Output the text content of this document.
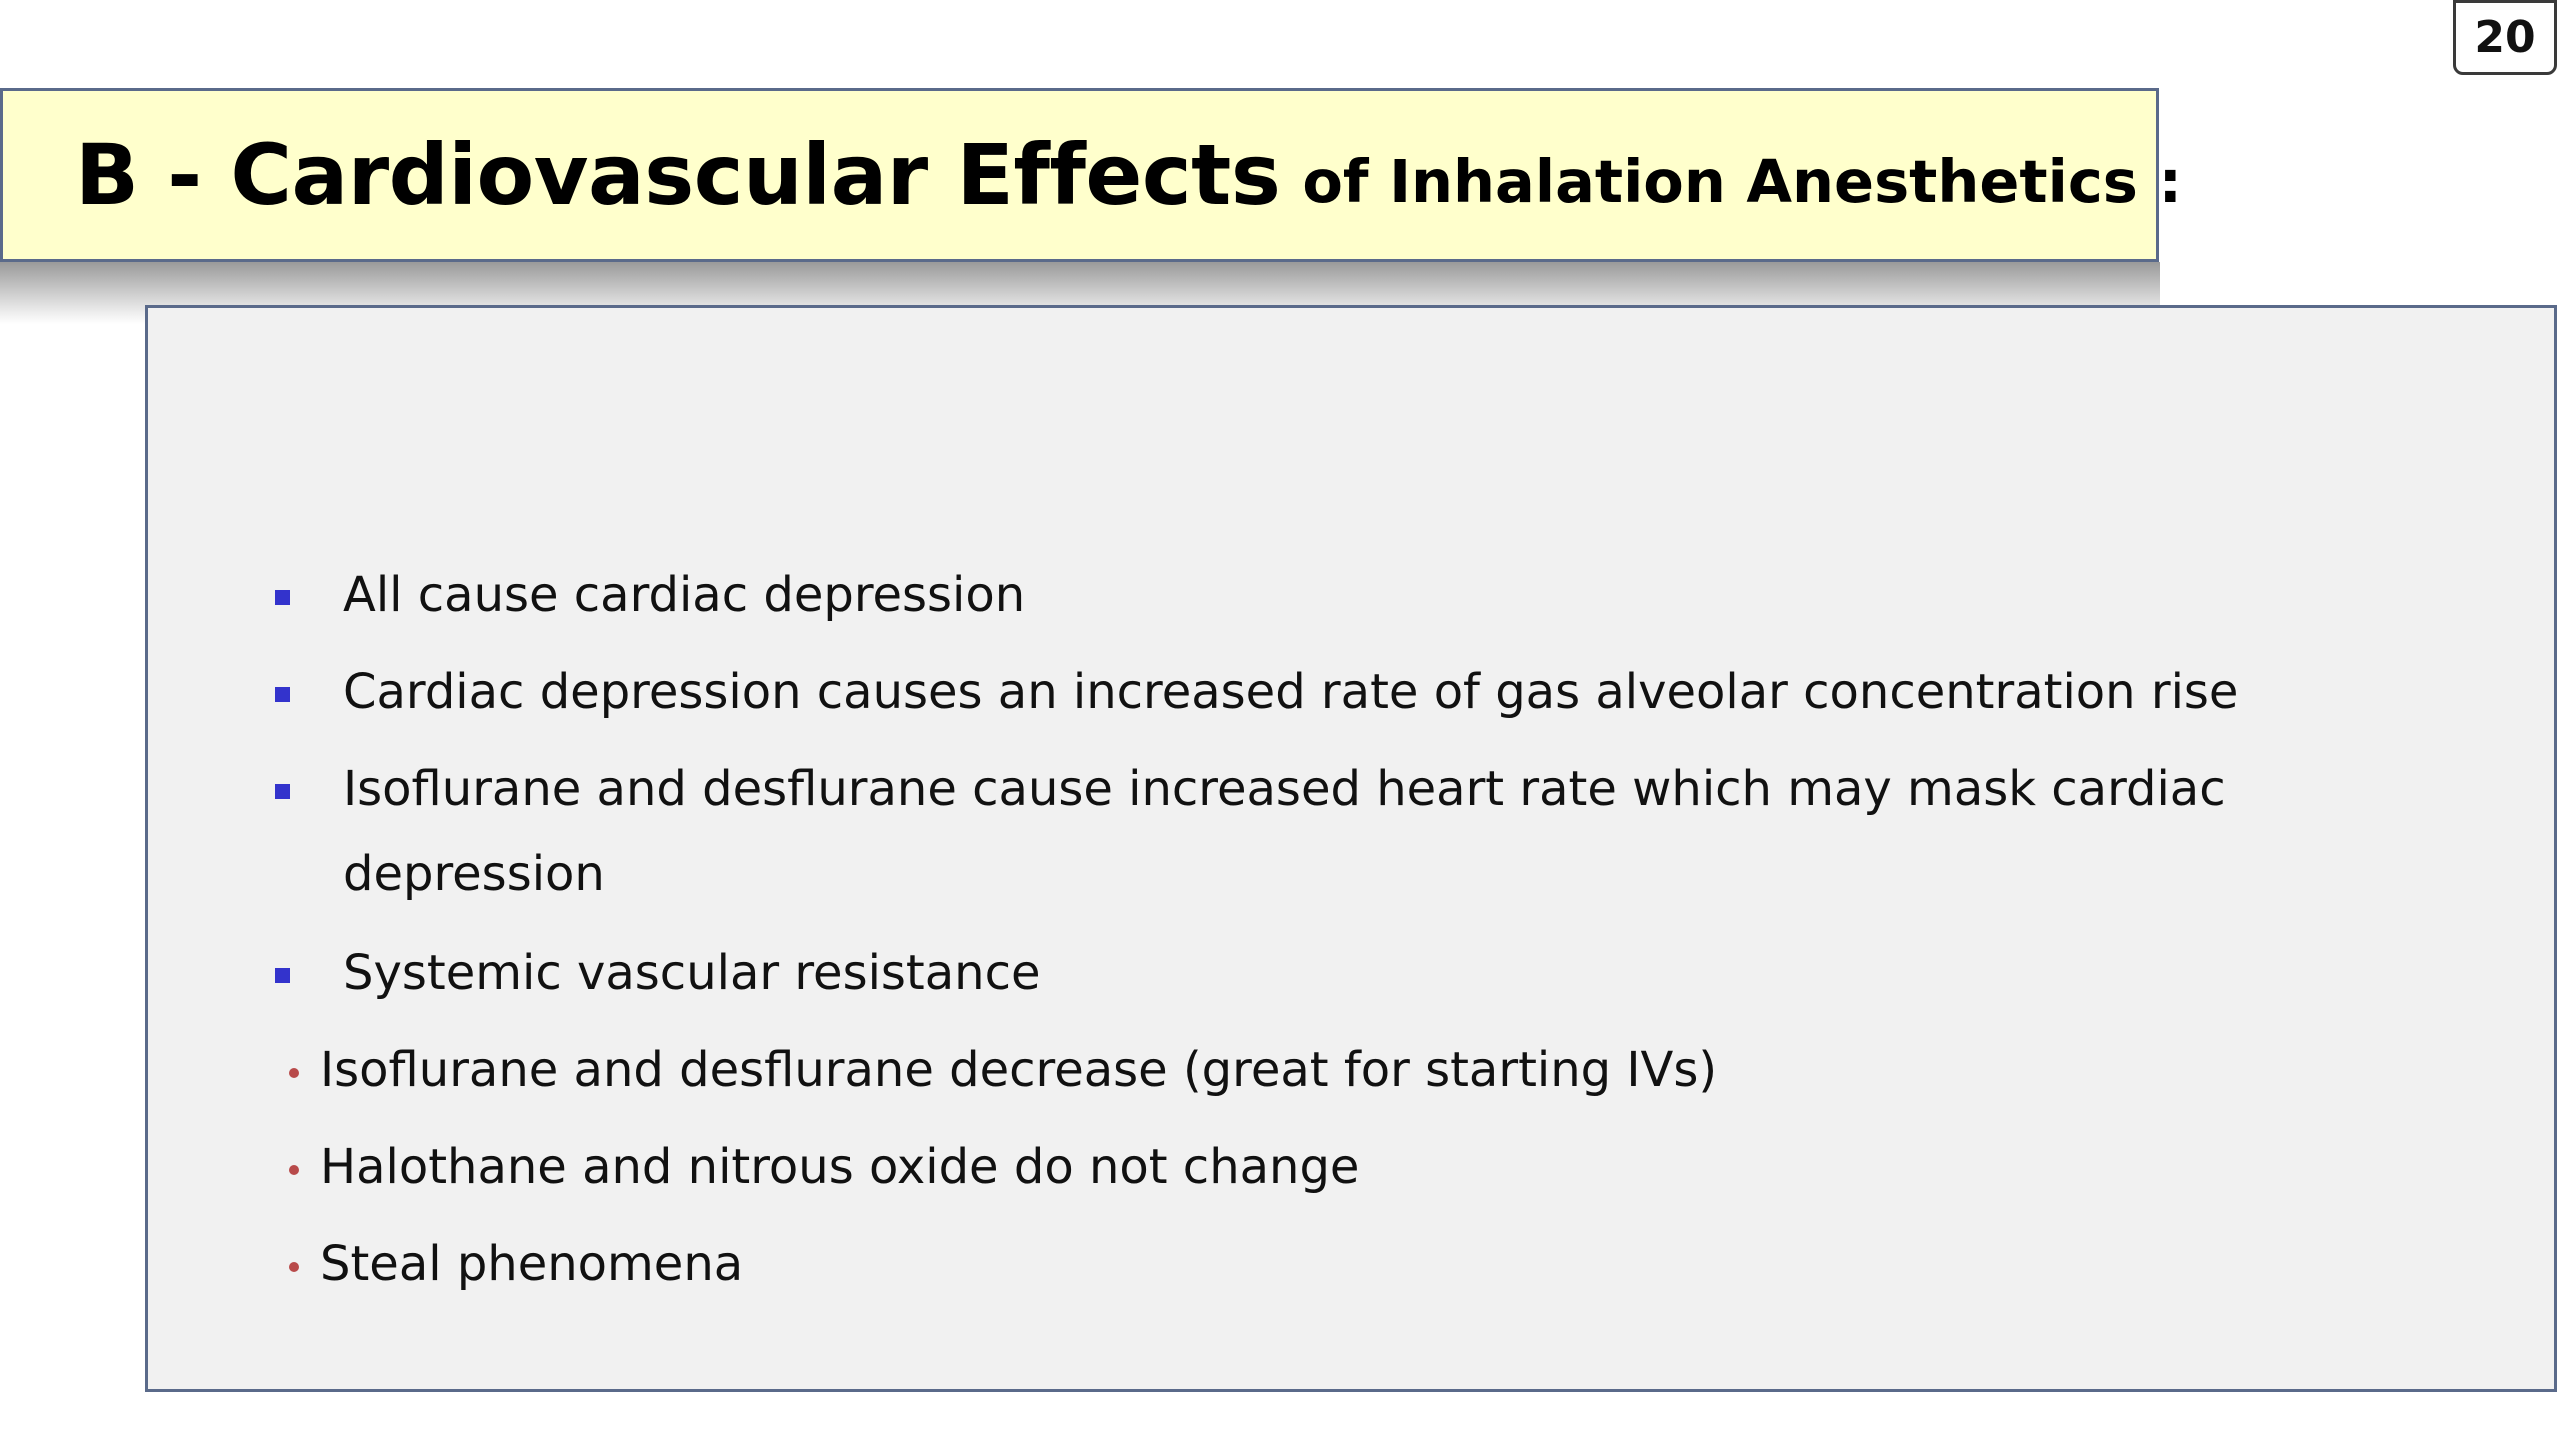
20
B - Cardiovascular Effects of Inhalation Anesthetics :
All cause cardiac depression
Cardiac depression causes an increased rate of gas alveolar concentration rise
Isoflurane and desflurane cause increased heart rate which may mask cardiac
depression
Systemic vascular resistance
Isoflurane and desflurane decrease (great for starting IVs)
Halothane and nitrous oxide do not change
Steal phenomena
